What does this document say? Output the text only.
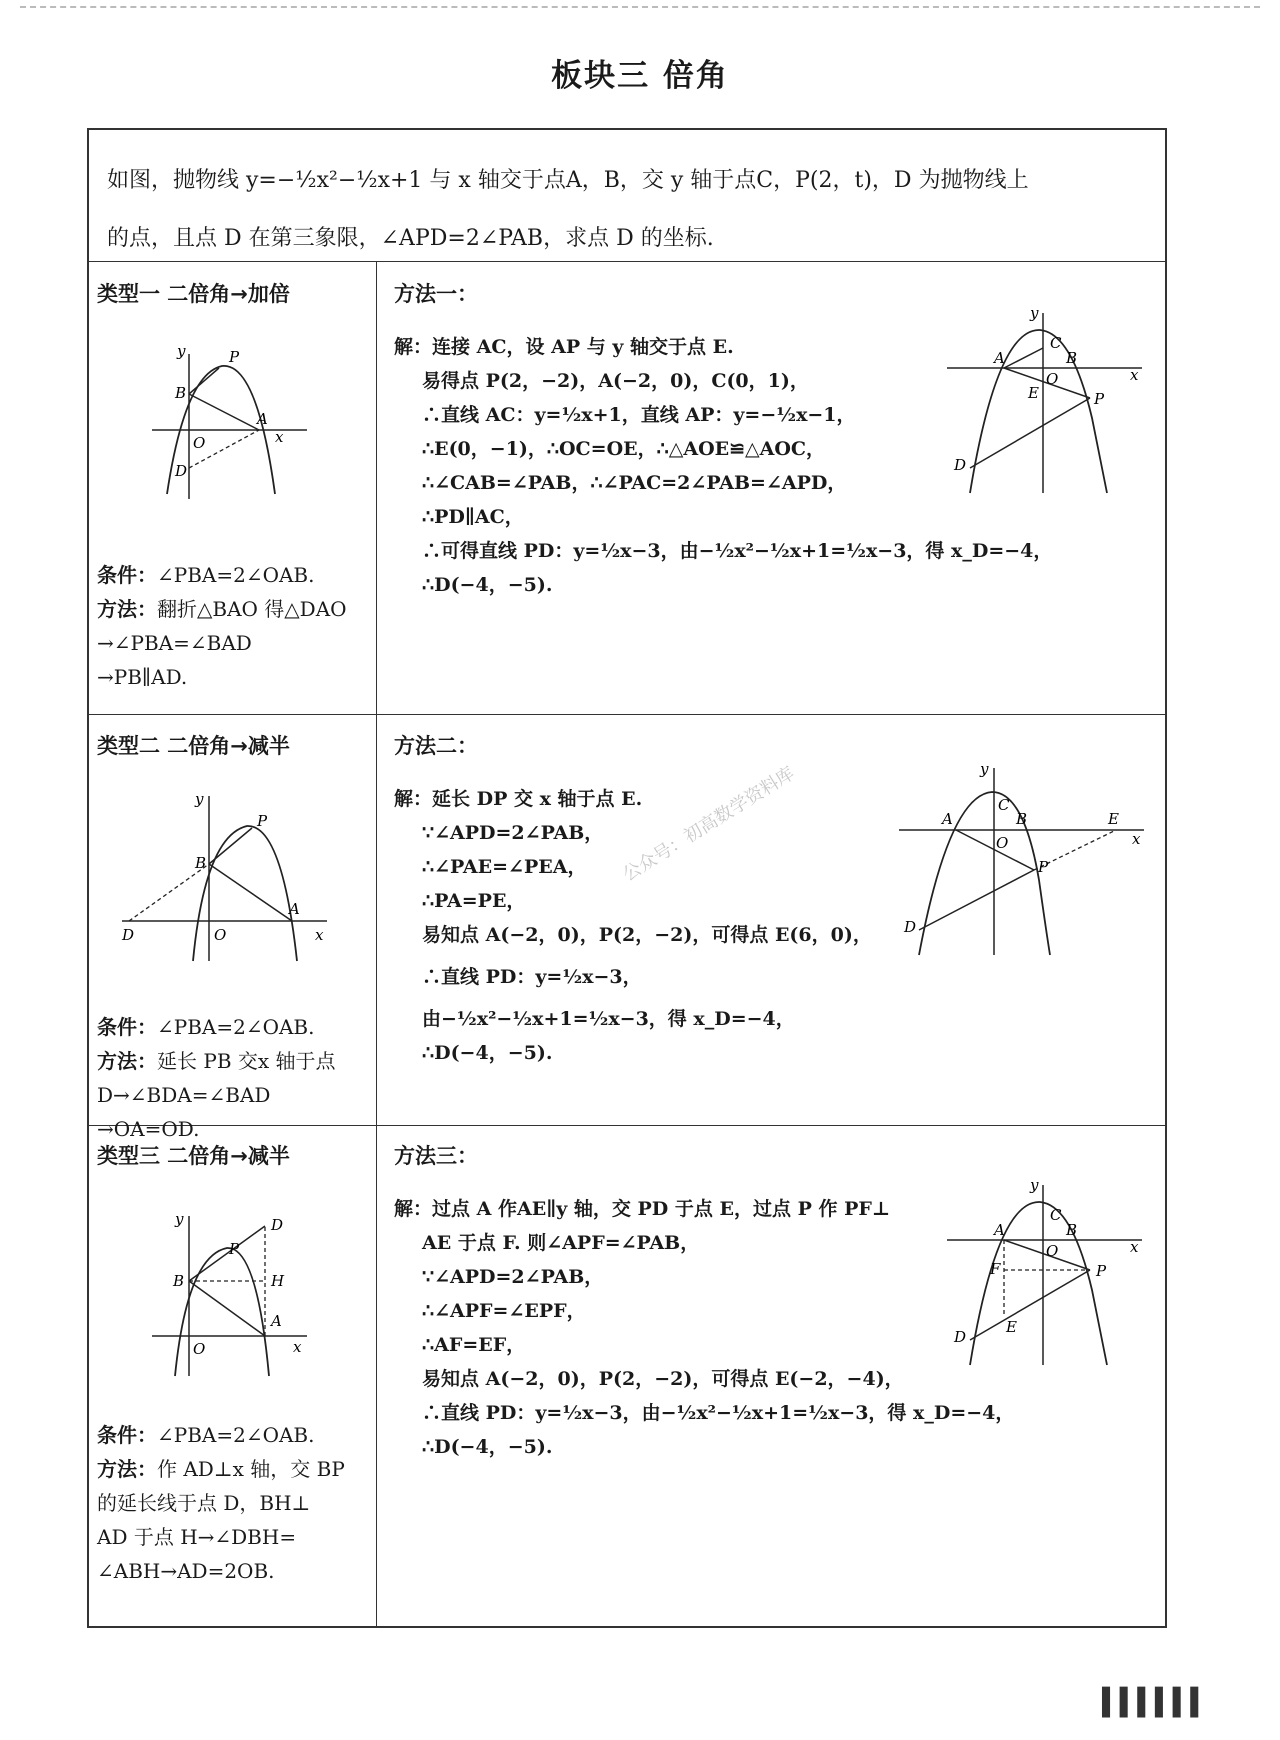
板块三 倍角
如图，抛物线 y=−½x²−½x+1 与 x 轴交于点A，B，交 y 轴于点C，P(2，t)，D 为抛物线上
的点，且点 D 在第三象限，∠APD=2∠PAB，求点 D 的坐标.
类型一 二倍角→加倍
y	P
B
A
O
D
x
条件：∠PBA=2∠OAB.
方法：翻折△BAO 得△DAO
→∠PBA=∠BAD
→PB∥AD.
方法一：

解：连接 AC，设 AP 与 y 轴交于点 E.

易得点 P(2，−2)，A(−2，0)，C(0，1)，

∴直线 AC：y=½x+1，直线 AP：y=−½x−1，

∴E(0，−1)，∴OC=OE，∴△AOE≌△AOC，

∴∠CAB=∠PAB，∴∠PAC=2∠PAB=∠APD，

∴PD∥AC，

∴可得直线 PD：y=½x−3，由−½x²−½x+1=½x−3，得 x_D=−4，

∴D(−4，−5).

y
C
A	B
O
E	P
D
x
类型二 二倍角→减半
y
P
B
A
O
D	x
条件：∠PBA=2∠OAB.
方法：延长 PB 交x 轴于点
D→∠BDA=∠BAD
→OA=OD.
方法二：

解：延长 DP 交 x 轴于点 E.

∵∠APD=2∠PAB，

∴∠PAE=∠PEA，

∴PA=PE，

易知点 A(−2，0)，P(2，−2)，可得点 E(6，0)，

∴直线 PD：y=½x−3，

由−½x²−½x+1=½x−3，得 x_D=−4，

∴D(−4，−5).

y
C
A	B
O
E
P
D
x
类型三 二倍角→减半
y
P
D
B	H
A
O	x
条件：∠PBA=2∠OAB.
方法：作 AD⊥x 轴，交 BP
的延长线于点 D，BH⊥
AD 于点 H→∠DBH=
∠ABH→AD=2OB.
方法三：

解：过点 A 作AE∥y 轴，交 PD 于点 E，过点 P 作 PF⊥

AE 于点 F. 则∠APF=∠PAB，

∵∠APD=2∠PAB，

∴∠APF=∠EPF，

∴AF=EF，

易知点 A(−2，0)，P(2，−2)，可得点 E(−2，−4)，

∴直线 PD：y=½x−3，由−½x²−½x+1=½x−3，得 x_D=−4，

∴D(−4，−5).

y
C
A	B
O
F	P
E
D
x
公众号：初高数学资料库
▌▌▌▌▌▌
